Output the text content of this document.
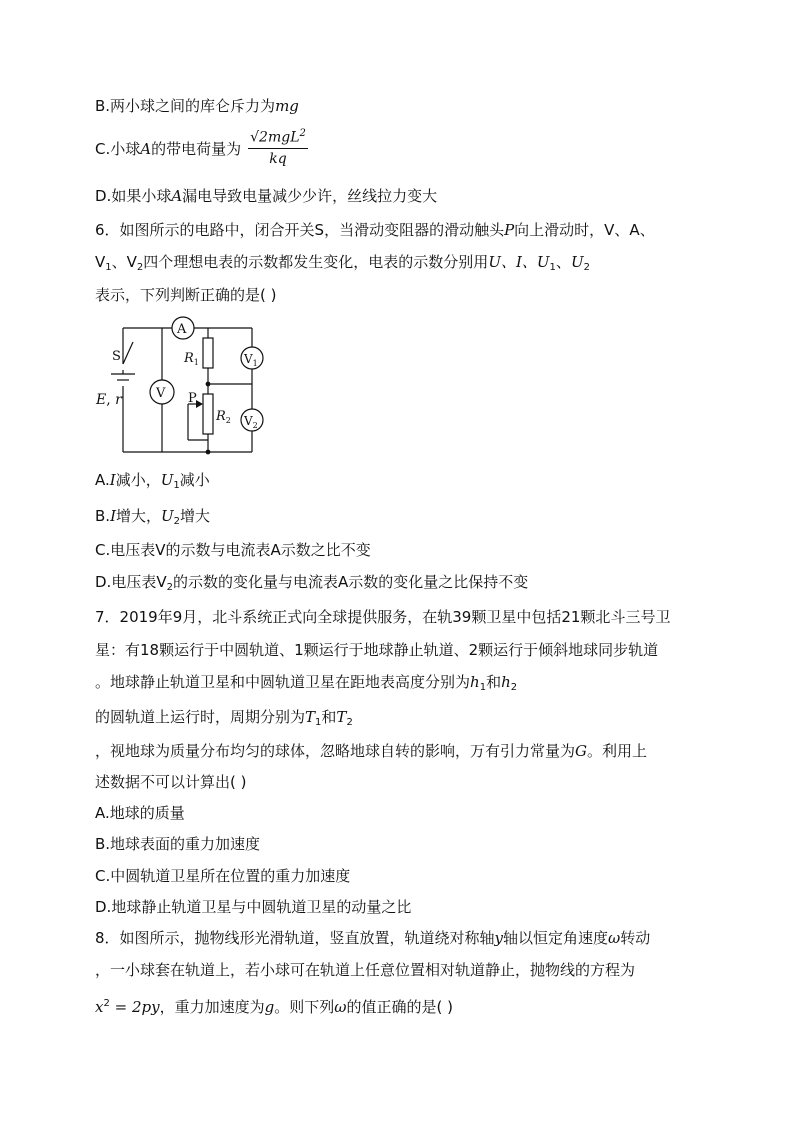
B.两小球之间的库仑斥力为mg
C.小球A的带电荷量为
√2mgL$^2$
kq
D.如果小球A漏电导致电量减少少许，丝线拉力变大
6．如图所示的电路中，闭合开关S，当滑动变阻器的滑动触头P向上滑动时，V、A、
$V_1$、$V_2$四个理想电表的示数都发生变化，电表的示数分别用U、I、$U_1$、$U_2$
表示，下列判断正确的是( )
A
V
$V_1$
$V_2$
S
E, r
$R_1$
$R_2$
P
A.I减小，$U_1$减小
B.I增大，$U_2$增大
C.电压表V的示数与电流表A示数之比不变
D.电压表$V_2$的示数的变化量与电流表A示数的变化量之比保持不变
7．2019年9月，北斗系统正式向全球提供服务，在轨39颗卫星中包括21颗北斗三号卫
星：有18颗运行于中圆轨道、1颗运行于地球静止轨道、2颗运行于倾斜地球同步轨道
。地球静止轨道卫星和中圆轨道卫星在距地表高度分别为$h_1$和$h_2$
的圆轨道上运行时，周期分别为$T_1$和$T_2$
，视地球为质量分布均匀的球体，忽略地球自转的影响，万有引力常量为G。利用上
述数据不可以计算出( )
A.地球的质量
B.地球表面的重力加速度
C.中圆轨道卫星所在位置的重力加速度
D.地球静止轨道卫星与中圆轨道卫星的动量之比
8．如图所示，抛物线形光滑轨道，竖直放置，轨道绕对称轴y轴以恒定角速度ω转动
，一小球套在轨道上，若小球可在轨道上任意位置相对轨道静止，抛物线的方程为
$x^2 = 2py$，重力加速度为g。则下列ω的值正确的是( )
